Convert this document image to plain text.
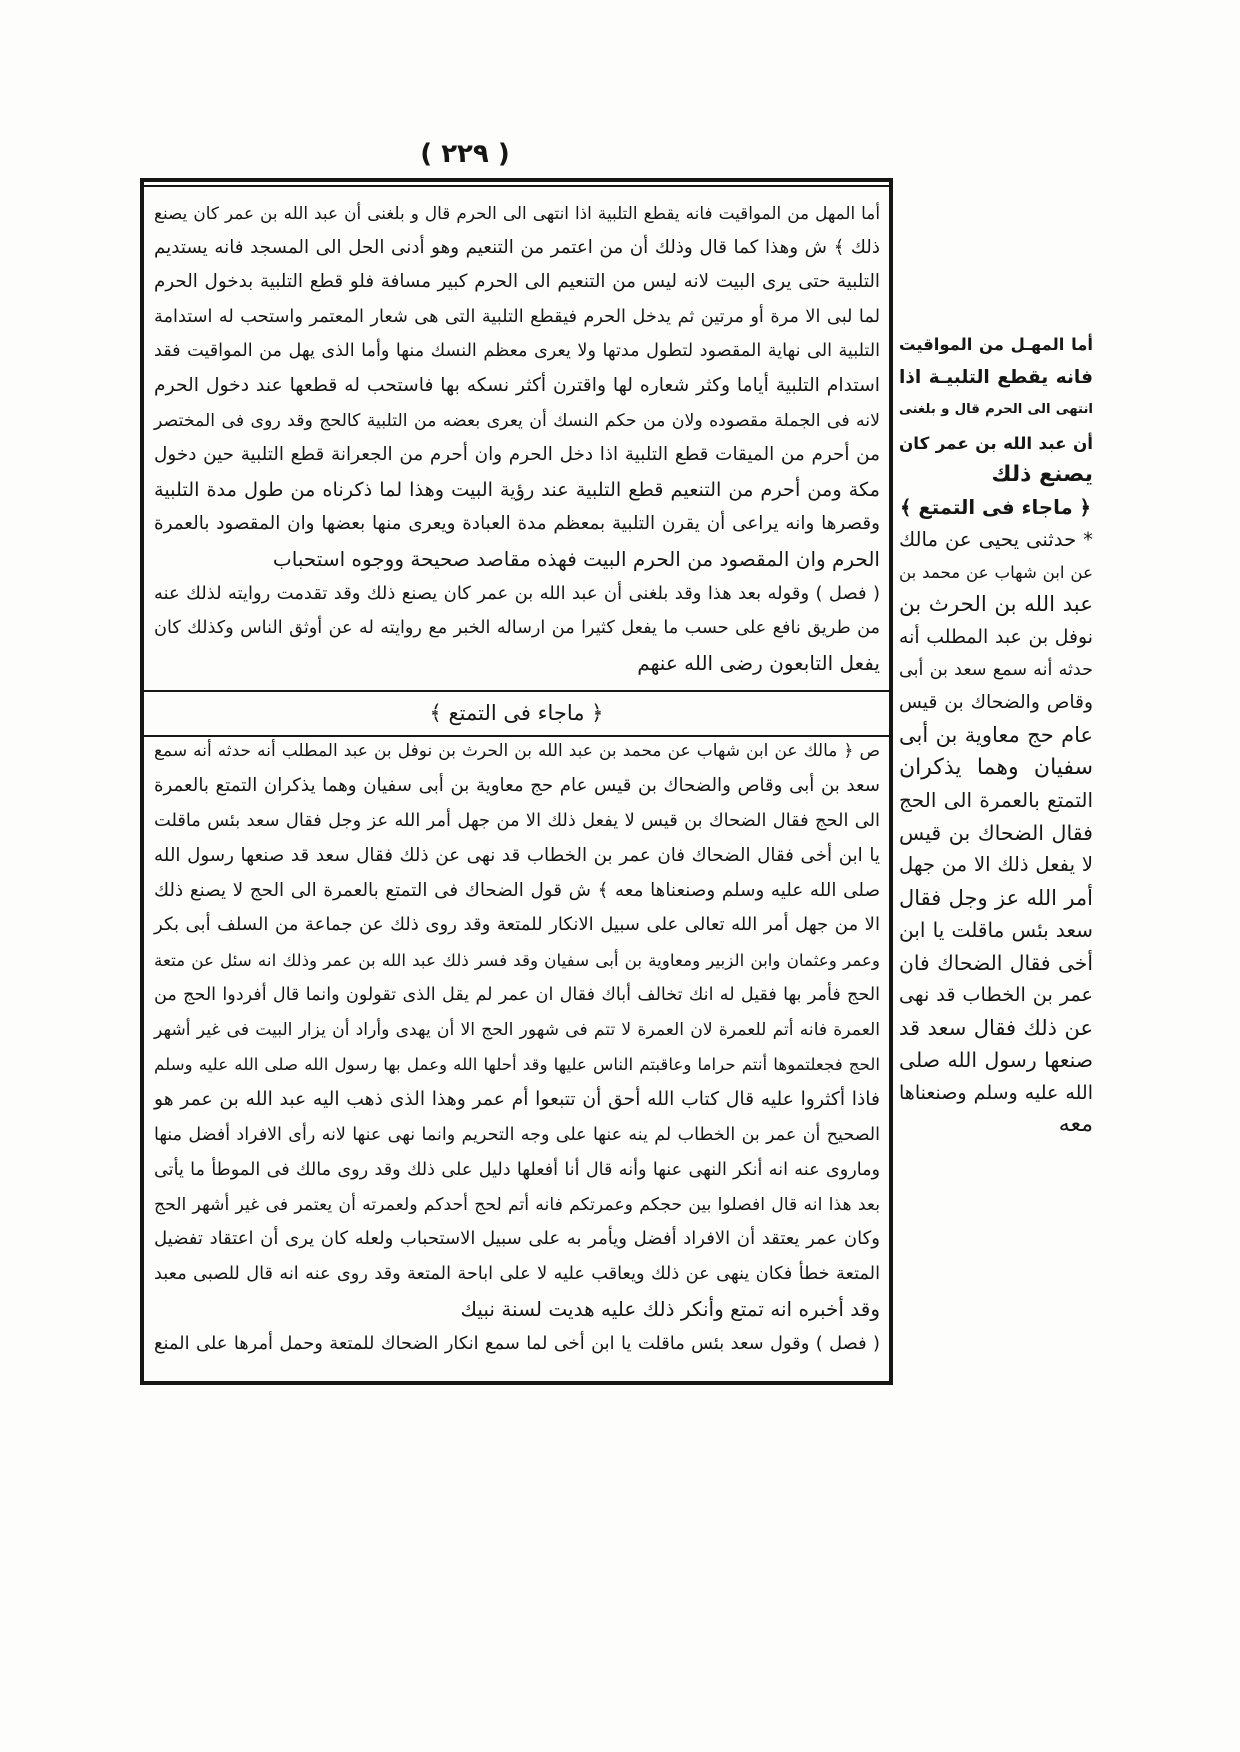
( ٢٢٩ )
أما المهل من المواقيت فانه يقطع التلبية اذا انتهى الى الحرم قال و بلغنى أن عبد الله بن عمر كان يصنع
ذلك ﴾ ش وهذا كما قال وذلك أن من اعتمر من التنعيم وهو أدنى الحل الى المسجد فانه يستديم
التلبية حتى يرى البيت لانه ليس من التنعيم الى الحرم كبير مسافة فلو قطع التلبية بدخول الحرم
لما لبى الا مرة أو مرتين ثم يدخل الحرم فيقطع التلبية التى هى شعار المعتمر واستحب له استدامة
التلبية الى نهاية المقصود لتطول مدتها ولا يعرى معظم النسك منها وأما الذى يهل من المواقيت فقد
استدام التلبية أياما وكثر شعاره لها واقترن أكثر نسكه بها فاستحب له قطعها عند دخول الحرم
لانه فى الجملة مقصوده ولان من حكم النسك أن يعرى بعضه من التلبية كالحج وقد روى فى المختصر
من أحرم من الميقات قطع التلبية اذا دخل الحرم وان أحرم من الجعرانة قطع التلبية حين دخول
مكة ومن أحرم من التنعيم قطع التلبية عند رؤية البيت وهذا لما ذكرناه من طول مدة التلبية
وقصرها وانه يراعى أن يقرن التلبية بمعظم مدة العبادة ويعرى منها بعضها وان المقصود بالعمرة
الحرم وان المقصود من الحرم البيت فهذه مقاصد صحيحة ووجوه استحباب
( فصل ) وقوله بعد هذا وقد بلغنى أن عبد الله بن عمر كان يصنع ذلك وقد تقدمت روايته لذلك عنه
من طريق نافع على حسب ما يفعل كثيرا من ارساله الخبر مع روايته له عن أوثق الناس وكذلك كان
يفعل التابعون رضى الله عنهم
﴿ ماجاء فى التمتع ﴾
ص ﴿ مالك عن ابن شهاب عن محمد بن عبد الله بن الحرث بن نوفل بن عبد المطلب أنه حدثه أنه سمع
سعد بن أبى وقاص والضحاك بن قيس عام حج معاوية بن أبى سفيان وهما يذكران التمتع بالعمرة
الى الحج فقال الضحاك بن قيس لا يفعل ذلك الا من جهل أمر الله عز وجل فقال سعد بئس ماقلت
يا ابن أخى فقال الضحاك فان عمر بن الخطاب قد نهى عن ذلك فقال سعد قد صنعها رسول الله
صلى الله عليه وسلم وصنعناها معه ﴾ ش قول الضحاك فى التمتع بالعمرة الى الحج لا يصنع ذلك
الا من جهل أمر الله تعالى على سبيل الانكار للمتعة وقد روى ذلك عن جماعة من السلف أبى بكر
وعمر وعثمان وابن الزبير ومعاوية بن أبى سفيان وقد فسر ذلك عبد الله بن عمر وذلك انه سئل عن متعة
الحج فأمر بها فقيل له انك تخالف أباك فقال ان عمر لم يقل الذى تقولون وانما قال أفردوا الحج من
العمرة فانه أتم للعمرة لان العمرة لا تتم فى شهور الحج الا أن يهدى وأراد أن يزار البيت فى غير أشهر
الحج فجعلتموها أنتم حراما وعاقبتم الناس عليها وقد أحلها الله وعمل بها رسول الله صلى الله عليه وسلم
فاذا أكثروا عليه قال كتاب الله أحق أن تتبعوا أم عمر وهذا الذى ذهب اليه عبد الله بن عمر هو
الصحيح أن عمر بن الخطاب لم ينه عنها على وجه التحريم وانما نهى عنها لانه رأى الافراد أفضل منها
وماروى عنه انه أنكر النهى عنها وأنه قال أنا أفعلها دليل على ذلك وقد روى مالك فى الموطأ ما يأتى
بعد هذا انه قال افصلوا بين حجكم وعمرتكم فانه أتم لحج أحدكم ولعمرته أن يعتمر فى غير أشهر الحج
وكان عمر يعتقد أن الافراد أفضل ويأمر به على سبيل الاستحباب ولعله كان يرى أن اعتقاد تفضيل
المتعة خطأ فكان ينهى عن ذلك ويعاقب عليه لا على اباحة المتعة وقد روى عنه انه قال للصبى معبد
وقد أخبره انه تمتع وأنكر ذلك عليه هديت لسنة نبيك
( فصل ) وقول سعد بئس ماقلت يا ابن أخى لما سمع انكار الضحاك للمتعة وحمل أمرها على المنع
أما المهـل من المواقيت
فانه يقطع التلبيـة اذا
انتهى الى الحرم قال و بلغنى
أن عبد الله بن عمر كان
يصنع ذلك
﴿ ماجاء فى التمتع ﴾
* حدثنى يحيى عن مالك
عن ابن شهاب عن محمد بن
عبد الله بن الحرث بن
نوفل بن عبد المطلب أنه
حدثه أنه سمع سعد بن أبى
وقاص والضحاك بن قيس
عام حج معاوية بن أبى
سفيان وهما يذكران
التمتع بالعمرة الى الحج
فقال الضحاك بن قيس
لا يفعل ذلك الا من جهل
أمر الله عز وجل فقال
سعد بئس ماقلت يا ابن
أخى فقال الضحاك فان
عمر بن الخطاب قد نهى
عن ذلك فقال سعد قد
صنعها رسول الله صلى
الله عليه وسلم وصنعناها
معه
